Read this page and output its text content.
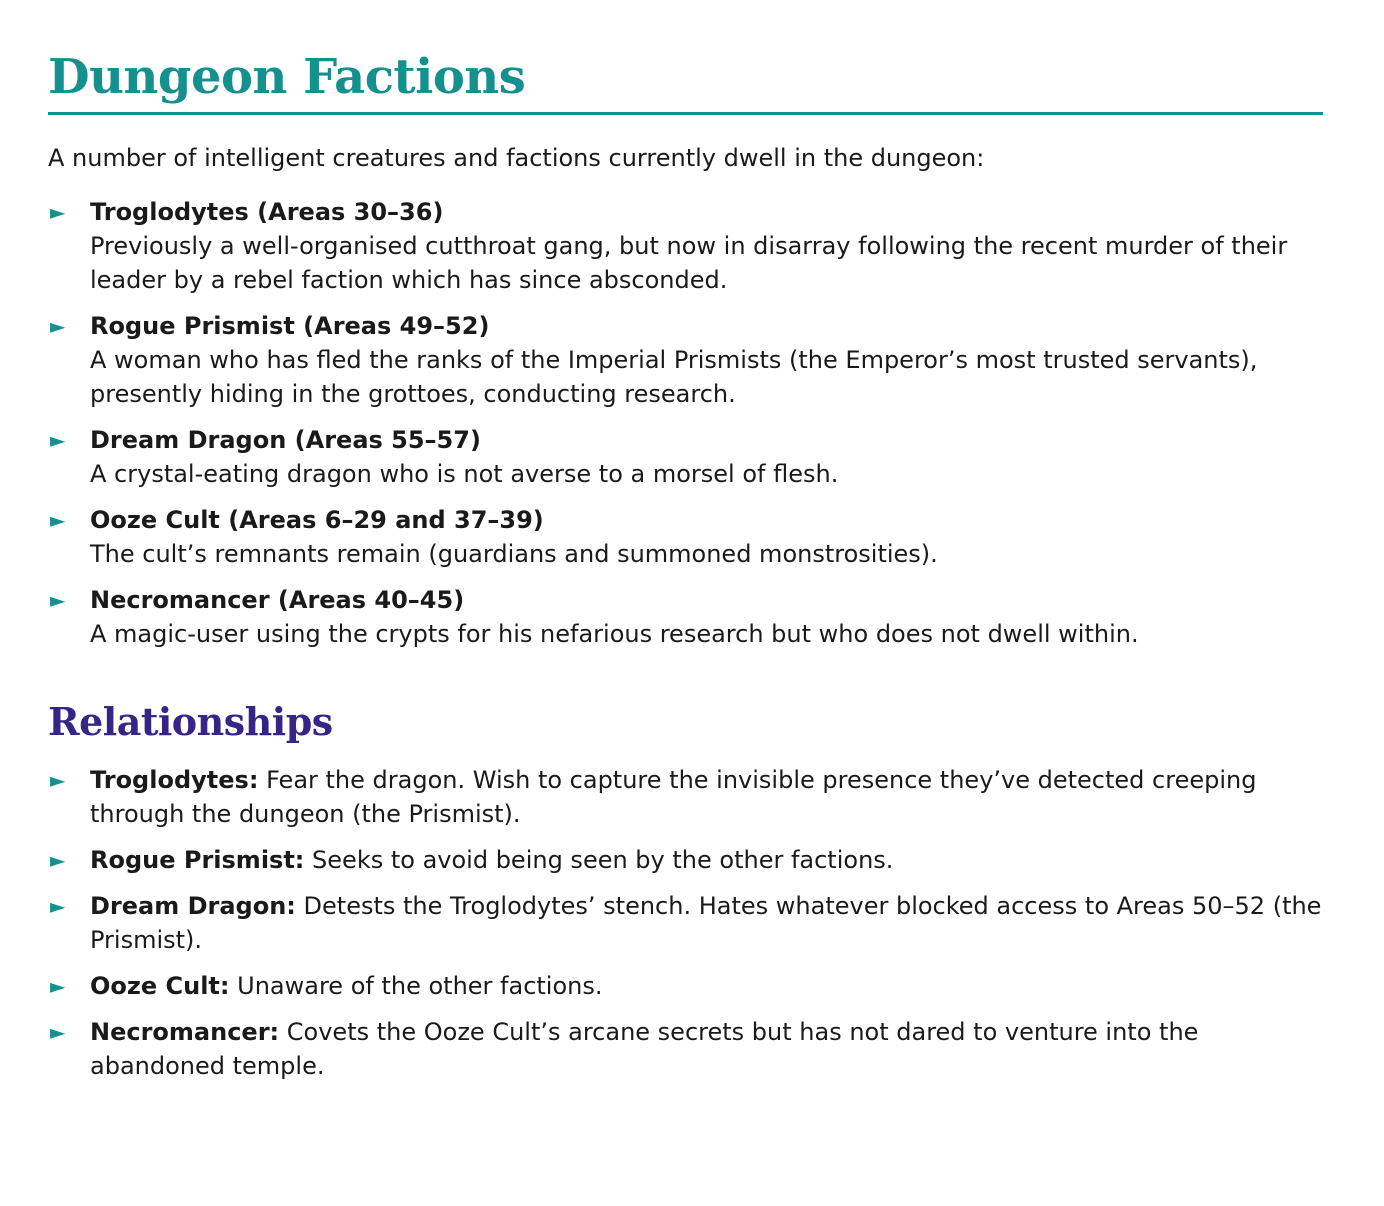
Dungeon Factions

A number of intelligent creatures and factions currently dwell in the dungeon:

► Troglodytes (Areas 30–36)
Previously a well-organised cutthroat gang, but now in disarray following the recent murder of their leader by a rebel faction which has since absconded.
► Rogue Prismist (Areas 49–52)
A woman who has fled the ranks of the Imperial Prismists (the Emperor’s most trusted servants), presently hiding in the grottoes, conducting research.
► Dream Dragon (Areas 55–57)
A crystal-eating dragon who is not averse to a morsel of flesh.
► Ooze Cult (Areas 6–29 and 37–39)
The cult’s remnants remain (guardians and summoned monstrosities).
► Necromancer (Areas 40–45)
A magic-user using the crypts for his nefarious research but who does not dwell within.
Relationships
► Troglodytes: Fear the dragon. Wish to capture the invisible presence they’ve detected creeping through the dungeon (the Prismist).
► Rogue Prismist: Seeks to avoid being seen by the other factions.
► Dream Dragon: Detests the Troglodytes’ stench. Hates whatever blocked access to Areas 50–52 (the Prismist).
► Ooze Cult: Unaware of the other factions.
► Necromancer: Covets the Ooze Cult’s arcane secrets but has not dared to venture into the abandoned temple.
